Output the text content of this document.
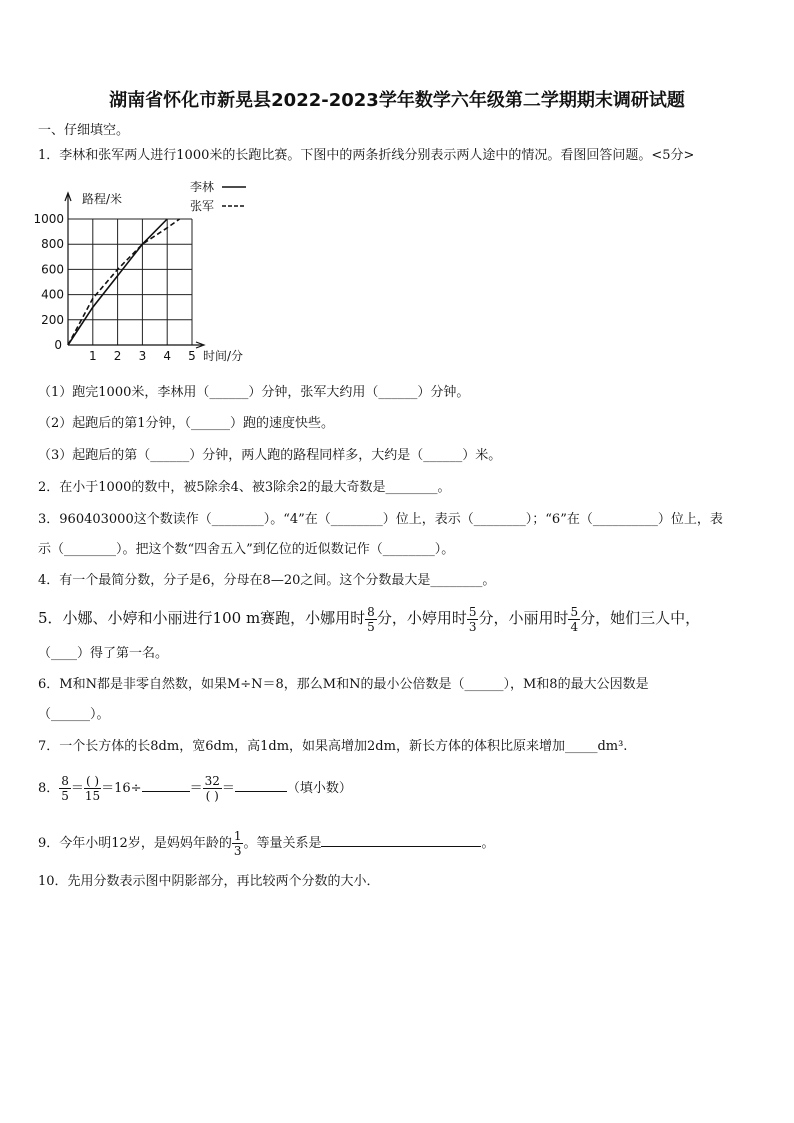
湖南省怀化市新晃县2022-2023学年数学六年级第二学期期末调研试题
一、仔细填空。
1．李林和张军两人进行1000米的长跑比赛。下图中的两条折线分别表示两人途中的情况。看图回答问题。<5分>
1 2 3 4 5
200
400
600
800
1000
0
路程/米
时间/分
李林
张军
（1）跑完1000米，李林用（______）分钟，张军大约用（______）分钟。
（2）起跑后的第1分钟，（______）跑的速度快些。
（3）起跑后的第（______）分钟，两人跑的路程同样多，大约是（______）米。
2．在小于1000的数中，被5除余4、被3除余2的最大奇数是________。
3．960403000这个数读作（________）。“4”在（________）位上，表示（________）；“6”在（__________）位上，表
示（________）。把这个数“四舍五入”到亿位的近似数记作（________）。
4．有一个最简分数，分子是6，分母在8—20之间。这个分数最大是________。
5．小娜、小婷和小丽进行100 m赛跑，小娜用时 $\frac{8}{5}$ 分，小婷用时 $\frac{5}{3}$ 分，小丽用时 $\frac{5}{4}$ 分，她们三人中，
（____）得了第一名。
6．M和N都是非零自然数，如果M÷N＝8，那么M和N的最小公倍数是（______），M和8的最大公因数是
（______）。
7．一个长方体的长8dm，宽6dm，高1dm，如果高增加2dm，新长方体的体积比原来增加_____dm³.
8． $\frac{8}{5} = \frac{( )}{15} =16\div$	＝ $\frac{32}{( )}$ ＝	（填小数）
9．今年小明12岁，是妈妈年龄的 $\frac{1}{3}$ 。等量关系是	。
10．先用分数表示图中阴影部分，再比较两个分数的大小．
